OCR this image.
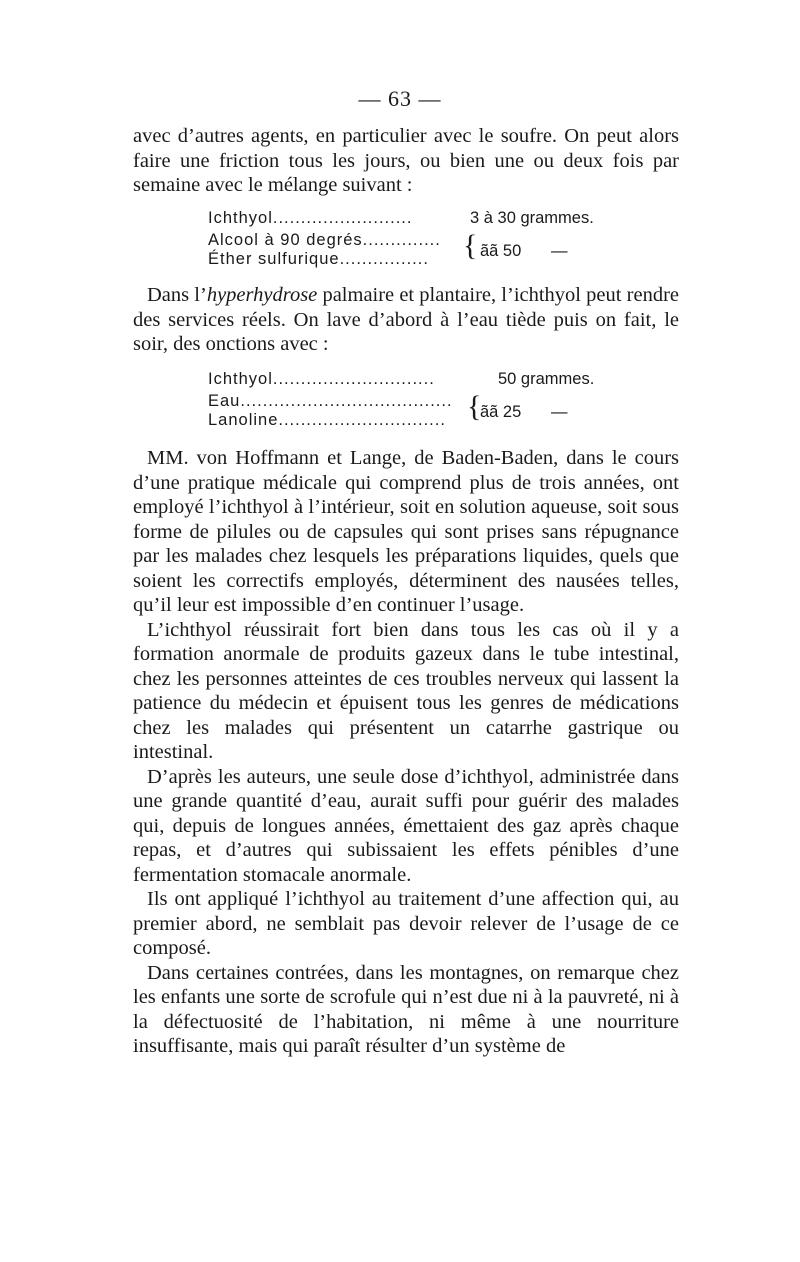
— 63 —

avec d’autres agents, en particulier avec le soufre. On peut alors faire une friction tous les jours, ou bien une ou deux fois par semaine avec le mélange suivant :

Ichthyol.........................	3 à 30 grammes.
Alcool à 90 degrés..............
Éther sulfurique................ { ãã 50 —

Dans l’hyperhydrose palmaire et plantaire, l’ichthyol peut rendre des services réels. On lave d’abord à l’eau tiède puis on fait, le soir, des onctions avec :

Ichthyol.............................	50 grammes.
Eau......................................
Lanoline.............................. {
ãã 25 —

MM. von Hoffmann et Lange, de Baden-Baden, dans le cours d’une pratique médicale qui comprend plus de trois années, ont employé l’ichthyol à l’intérieur, soit en solution aqueuse, soit sous forme de pilules ou de capsules qui sont prises sans répugnance par les malades chez lesquels les préparations liquides, quels que soient les correctifs employés, déterminent des nausées telles, qu’il leur est impossible d’en continuer l’usage.

L’ichthyol réussirait fort bien dans tous les cas où il y a formation anormale de produits gazeux dans le tube intestinal, chez les personnes atteintes de ces troubles nerveux qui lassent la patience du médecin et épuisent tous les genres de médications chez les malades qui présentent un catarrhe gastrique ou intestinal.

D’après les auteurs, une seule dose d’ichthyol, administrée dans une grande quantité d’eau, aurait suffi pour guérir des malades qui, depuis de longues années, émettaient des gaz après chaque repas, et d’autres qui subissaient les effets pénibles d’une fermentation stomacale anormale.

Ils ont appliqué l’ichthyol au traitement d’une affection qui, au premier abord, ne semblait pas devoir relever de l’usage de ce composé.

Dans certaines contrées, dans les montagnes, on remarque chez les enfants une sorte de scrofule qui n’est due ni à la pauvreté, ni à la défectuosité de l’habitation, ni même à une nourriture insuffisante, mais qui paraît résulter d’un système de
